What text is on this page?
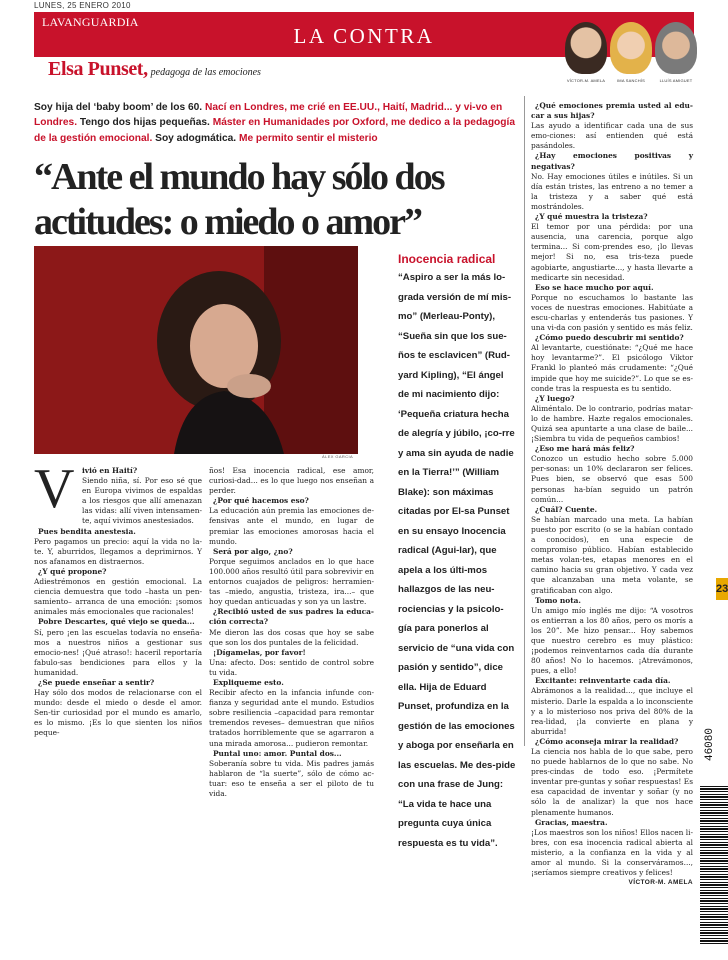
LUNES, 25 ENERO 2010
LAVANGUARDIA
LA CONTRA
Elsa Punset, pedagoga de las emociones
VÍCTOR-M. AMELA	IMA SANCHÍS	LLUÍS AMIGUET
Soy hija del ‘baby boom’ de los 60. Nací en Londres, me crié en EE.UU., Haití, Madrid... y vi-vo en Londres. Tengo dos hijas pequeñas. Máster en Humanidades por Oxford, me dedico a la pedagogía de la gestión emocional. Soy adogmática. Me permito sentir el misterio
“Ante el mundo hay sólo dos actitudes: o miedo o amor”
ÀLEX GARCIA
Inocencia radical
“Aspiro a ser la más lo-grada versión de mí mis-mo” (Merleau-Ponty), “Sueña sin que los sue-ños te esclavicen” (Rud-yard Kipling), “El ángel de mi nacimiento dijo: ‘Pequeña criatura hecha de alegría y júbilo, ¡co-rre y ama sin ayuda de nadie en la Tierra!’” (William Blake): son máximas citadas por El-sa Punset en su ensayo Inocencia radical (Agui-lar), que apela a los últi-mos hallazgos de las neu-rociencias y la psicolo-gía para ponerlos al servicio de “una vida con pasión y sentido”, dice ella. Hija de Eduard Punset, profundiza en la gestión de las emociones y aboga por enseñarla en las escuelas. Me des-pide con una frase de Jung: “La vida te hace una pregunta cuya única respuesta es tu vida”.
V ivió en Haití?

Siendo niña, sí. Por eso sé que en Europa vivimos de espaldas a los riesgos que allí amenazan las vidas: allí viven intensamen-te, aquí vivimos anestesiados.

Pues bendita anestesia.

Pero pagamos un precio: aquí la vida no la-te. Y, aburridos, llegamos a deprimirnos. Y nos afanamos en distraernos.

¿Y qué propone?

Adiestrémonos en gestión emocional. La ciencia demuestra que todo –hasta un pen-samiento– arranca de una emoción: ¡somos animales más emocionales que racionales!

Pobre Descartes, qué viejo se queda...

Sí, pero ¡en las escuelas todavía no enseña-mos a nuestros niños a gestionar sus emocio-nes! ¡Qué atraso!: haceril reportaría fabulo-sas bendiciones para ellos y la humanidad.

¿Se puede enseñar a sentir?

Hay sólo dos modos de relacionarse con el mundo: desde el miedo o desde el amor. Sen-tir curiosidad por el mundo es amarlo, es lo mismo. ¡Es lo que sienten los niños peque-

ños! Esa inocencia radical, ese amor, curiosi-dad... es lo que luego nos enseñan a perder.

¿Por qué hacemos eso?

La educación aún premia las emociones de-fensivas ante el mundo, en lugar de premiar las emociones amorosas hacia el mundo.

Será por algo, ¿no?

Porque seguimos anclados en lo que hace 100.000 años resultó útil para sobrevivir en entornos cuajados de peligros: herramien-tas –miedo, angustia, tristeza, ira...– que hoy quedan anticuadas y son ya un lastre.

¿Recibió usted de sus padres la educa-ción correcta?

Me dieron las dos cosas que hoy se sabe que son los dos puntales de la felicidad.

¡Dígamelas, por favor!

Una: afecto. Dos: sentido de control sobre tu vida.

Expliqueme esto.

Recibir afecto en la infancia infunde con-fianza y seguridad ante el mundo. Estudios sobre resiliencia –capacidad para remontar tremendos reveses– demuestran que niños tratados horriblemente que se agarraron a una mirada amorosa... pudieron remontar.

Puntal uno: amor. Puntal dos...

Soberanía sobre tu vida. Mis padres jamás hablaron de “la suerte”, sólo de cómo ac-tuar: eso te enseña a ser el piloto de tu vida.

¿Qué emociones premia usted al edu-car a sus hijas?

Las ayudo a identificar cada una de sus emo-ciones: así entienden qué está pasándoles.

¿Hay emociones positivas y negativas?

No. Hay emociones útiles e inútiles. Si un día están tristes, las entreno a no temer a la tristeza y a saber qué está mostrándoles.

¿Y qué muestra la tristeza?

El temor por una pérdida: por una ausencia, una carencia, porque algo termina... Si com-prendes eso, ¡lo llevas mejor! Si no, esa tris-teza puede agobiarte, angustiarte..., y hasta llevarte a medicarte sin necesidad.

Eso se hace mucho por aquí.

Porque no escuchamos lo bastante las voces de nuestras emociones. Habitúate a escu-charlas y entenderás tus pasiones. Y una vi-da con pasión y sentido es más feliz.

¿Cómo puedo descubrir mi sentido?

Al levantarte, cuestiónate: “¿Qué me hace hoy levantarme?”. El psicólogo Viktor Frankl lo planteó más crudamente: “¿Qué impide que hoy me suicide?”. Lo que se es-conde tras la respuesta es tu sentido.

¿Y luego?

Aliméntalo. De lo contrario, podrías matar-lo de hambre. Hazte regalos emocionales. Quizá sea apuntarte a una clase de baile... ¡Siembra tu vida de pequeños cambios!

¿Eso me hará más feliz?

Conozco un estudio hecho sobre 5.000 per-sonas: un 10% declararon ser felices. Pues bien, se observó que esas 500 personas ha-bían seguido un patrón común...

¿Cuál? Cuente.

Se habían marcado una meta. La habían puesto por escrito (o se la habían contado a conocidos), en una especie de compromiso público. Habían establecido metas volan-tes, etapas menores en el camino hacia su gran objetivo. Y cada vez que alcanzaban una meta volante, se gratificaban con algo.

Tomo nota.

Un amigo mío inglés me dijo: “A vosotros os entierran a los 80 años, pero os morís a los 20”. Me hizo pensar... Hoy sabemos que nuestro cerebro es muy plástico: ¡podemos reinventarnos cada día durante 80 años! No lo hacemos. ¡Atrevámonos, pues, a ello!

Excitante: reinventarte cada día.

Abrámonos a la realidad..., que incluye el misterio. Darle la espalda a lo inconsciente y a lo misterioso nos priva del 80% de la rea-lidad, ¡la convierte en plana y aburrida!

¿Cómo aconseja mirar la realidad?

La ciencia nos habla de lo que sabe, pero no puede hablarnos de lo que no sabe. No pres-cindas de todo eso. ¡Permítete inventar pre-guntas y soñar respuestas! Es esa capacidad de inventar y soñar (y no sólo la de analizar) la que nos hace plenamente humanos.

Gracias, maestra.

¡Los maestros son los niños! Ellos nacen li-bres, con esa inocencia radical abierta al misterio, a la confianza en la vida y al amor al mundo. Si la conserváramos..., ¡seríamos siempre creativos y felices!

VÍCTOR-M. AMELA

23
46080
